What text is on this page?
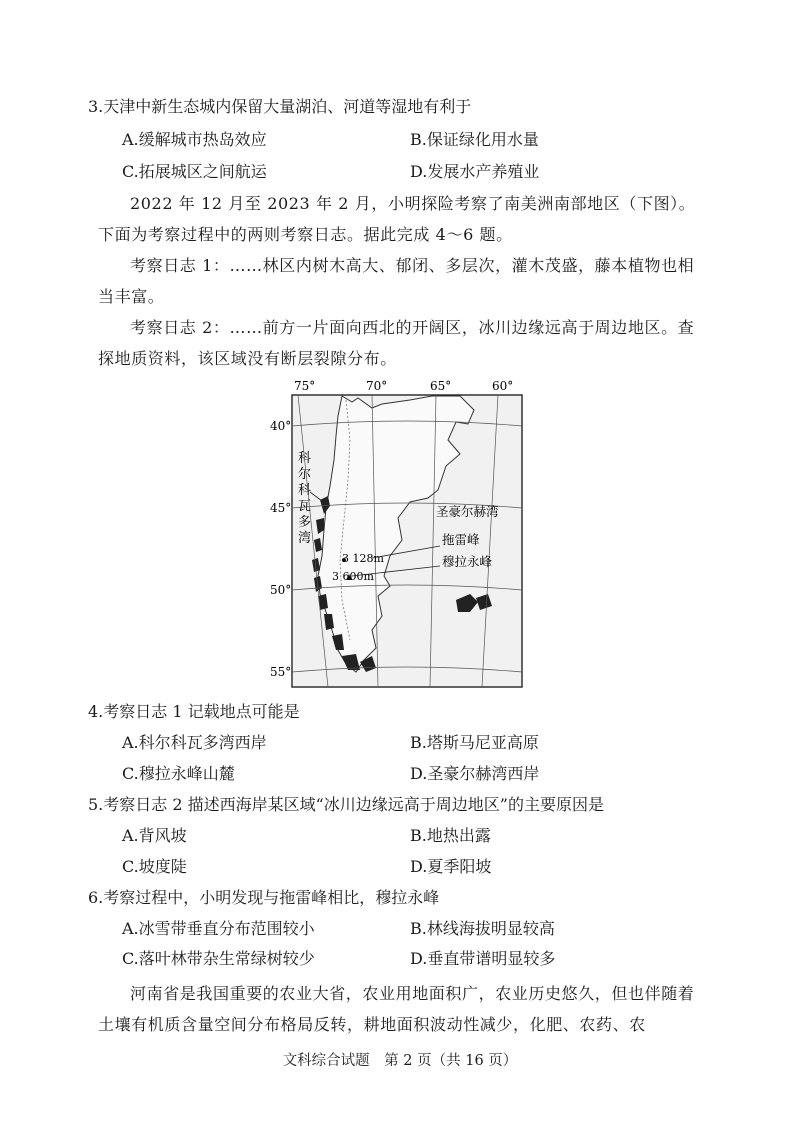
3.天津中新生态城内保留大量湖泊、河道等湿地有利于
A.缓解城市热岛效应	B.保证绿化用水量
C.拓展城区之间航运	D.发展水产养殖业
2022 年 12 月至 2023 年 2 月，小明探险考察了南美洲南部地区（下图）。下面为考察过程中的两则考察日志。据此完成 4～6 题。
考察日志 1：……林区内树木高大、郁闭、多层次，灌木茂盛，藤本植物也相当丰富。
考察日志 2：……前方一片面向西北的开阔区，冰川边缘远高于周边地区。查探地质资料，该区域没有断层裂隙分布。
75°	70°	65°	60°
40°
45°
50°
55°
科
尔
科
瓦
多
湾
圣豪尔赫湾
3 128m
3 600m
拖雷峰
穆拉永峰
4.考察日志 1 记载地点可能是
A.科尔科瓦多湾西岸	B.塔斯马尼亚高原
C.穆拉永峰山麓	D.圣豪尔赫湾西岸
5.考察日志 2 描述西海岸某区域“冰川边缘远高于周边地区”的主要原因是
A.背风坡	B.地热出露
C.坡度陡	D.夏季阳坡
6.考察过程中，小明发现与拖雷峰相比，穆拉永峰
A.冰雪带垂直分布范围较小	B.林线海拔明显较高
C.落叶林带杂生常绿树较少	D.垂直带谱明显较多
河南省是我国重要的农业大省，农业用地面积广，农业历史悠久，但也伴随着土壤有机质含量空间分布格局反转，耕地面积波动性减少，化肥、农药、农
文科综合试题　第 2 页（共 16 页）
